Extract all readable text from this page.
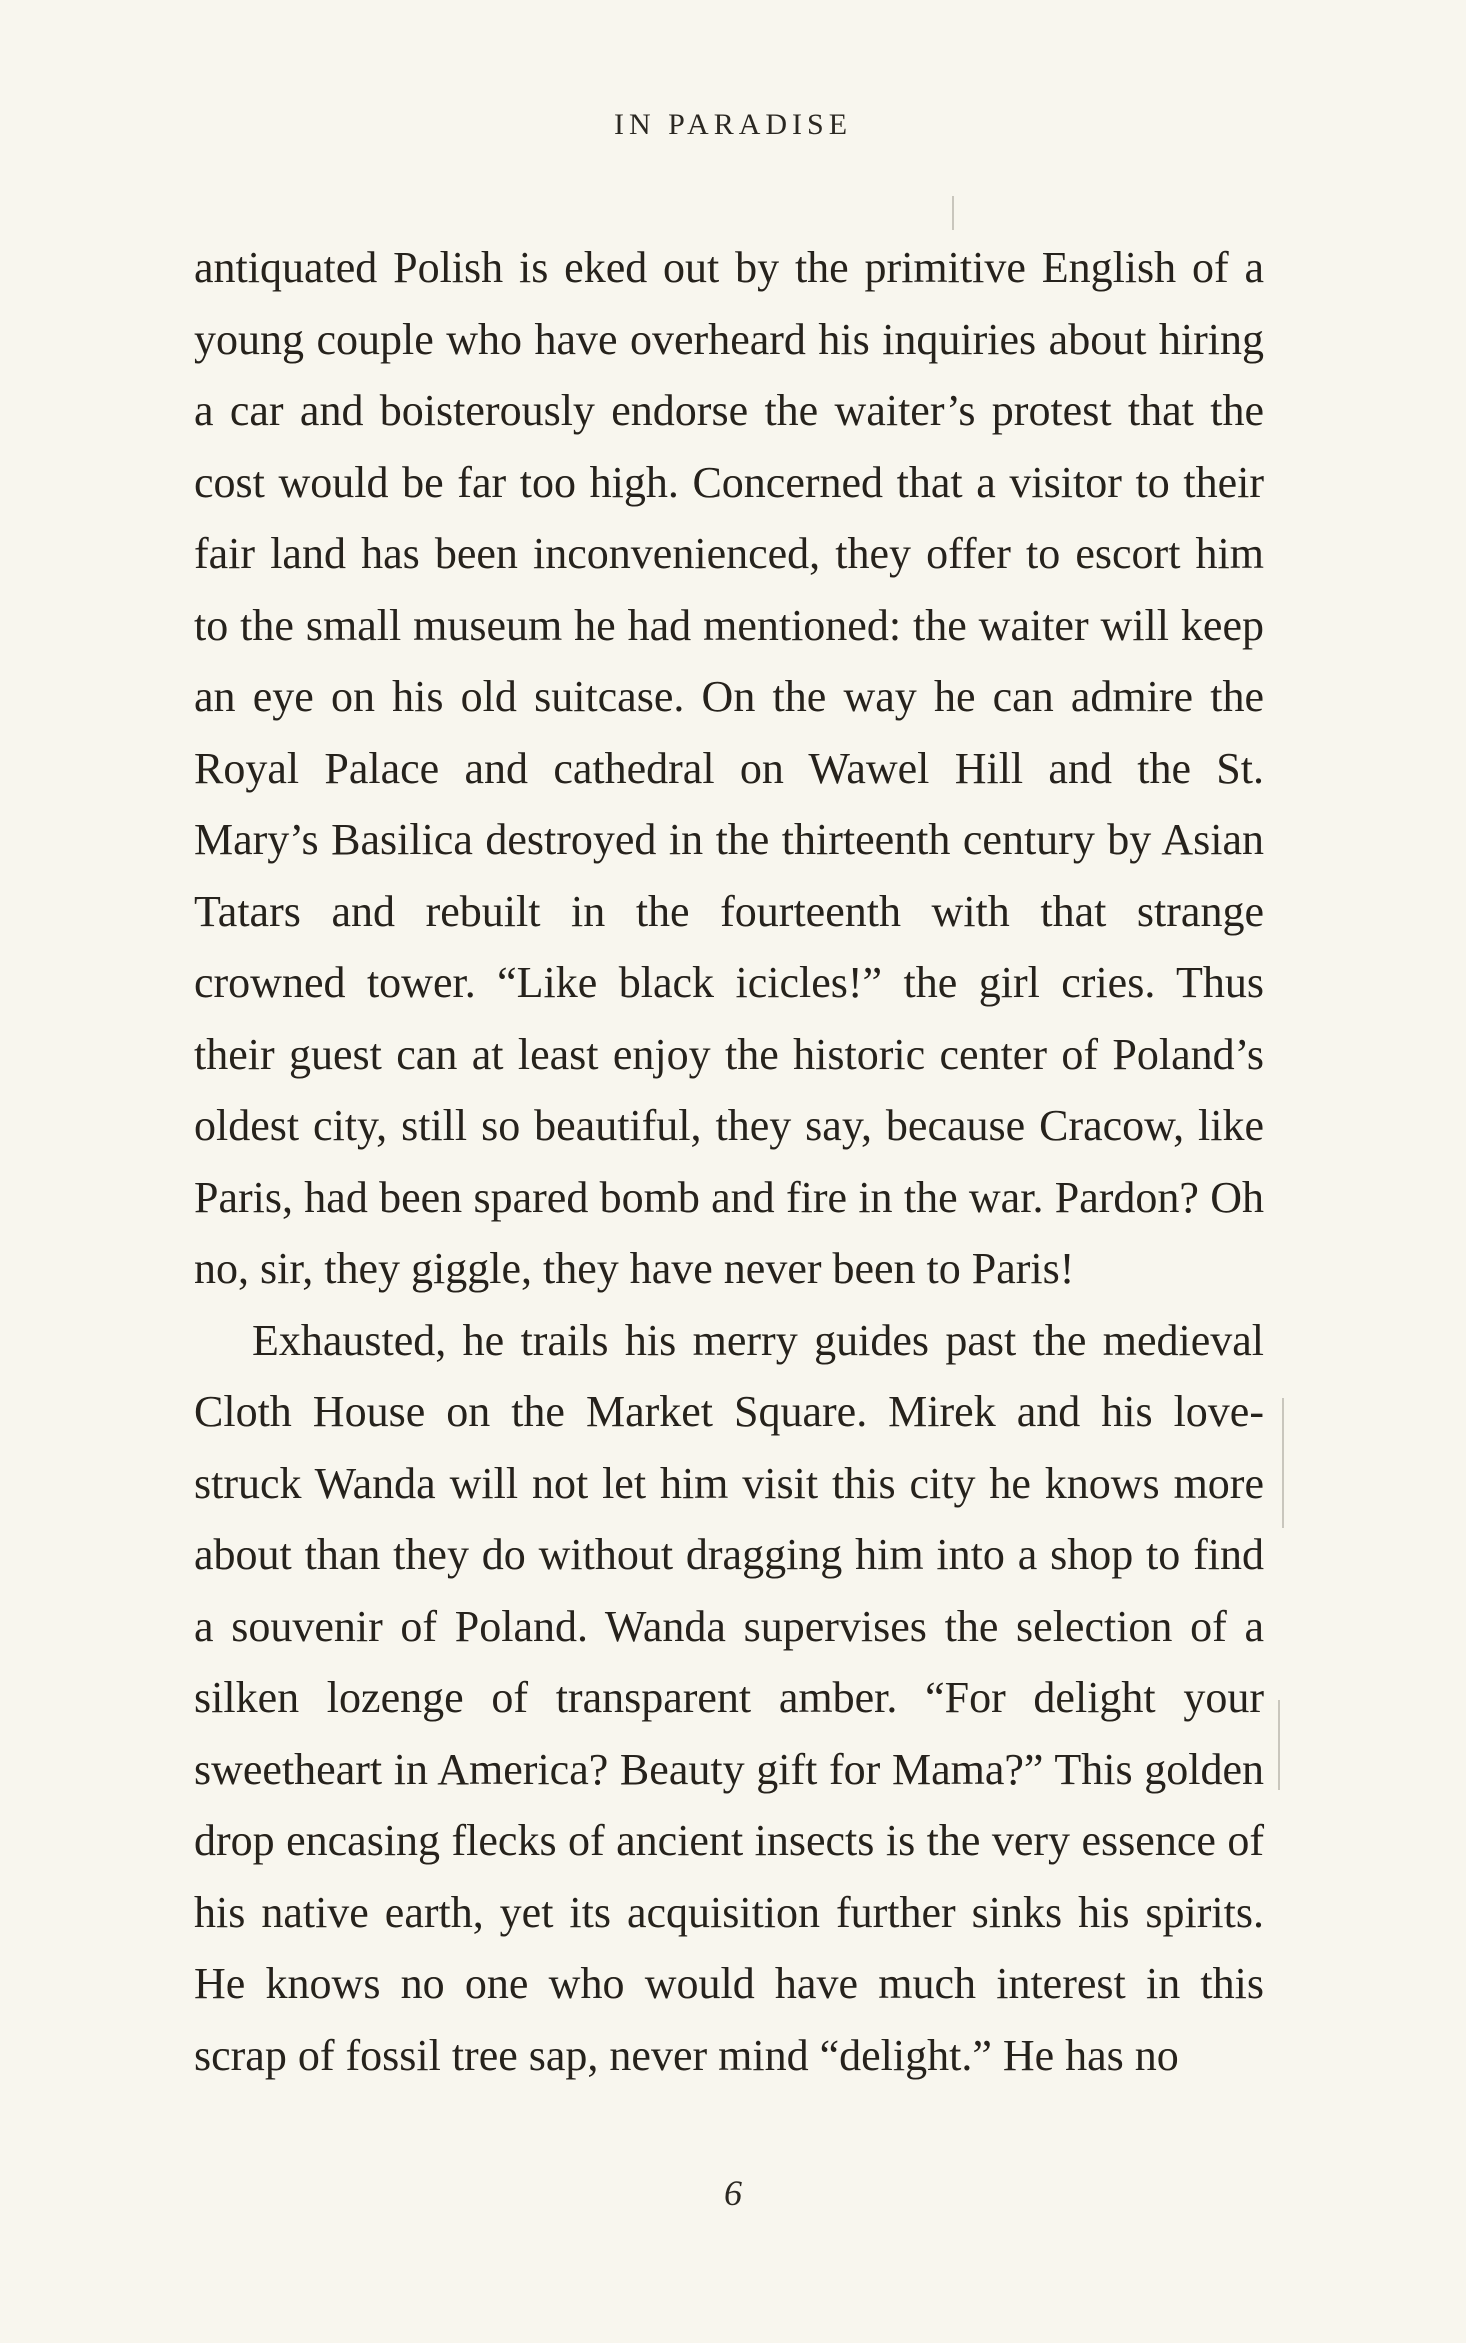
IN PARADISE

antiquated Polish is eked out by the primitive English of a young couple who have overheard his inquiries about hiring a car and boisterously endorse the waiter’s protest that the cost would be far too high. Concerned that a visitor to their fair land has been inconvenienced, they offer to escort him to the small museum he had mentioned: the waiter will keep an eye on his old suitcase. On the way he can admire the Royal Palace and cathedral on Wawel Hill and the St. Mary’s Basilica destroyed in the thirteenth century by Asian Tatars and rebuilt in the fourteenth with that strange crowned tower. “Like black icicles!” the girl cries. Thus their guest can at least enjoy the historic center of Poland’s oldest city, still so beautiful, they say, because Cracow, like Paris, had been spared bomb and fire in the war. Pardon? Oh no, sir, they giggle, they have never been to Paris!

Exhausted, he trails his merry guides past the medieval Cloth House on the Market Square. Mirek and his lovestruck Wanda will not let him visit this city he knows more about than they do without dragging him into a shop to find a souvenir of Poland. Wanda supervises the selection of a silken lozenge of transparent amber. “For delight your sweetheart in America? Beauty gift for Mama?” This golden drop encasing flecks of ancient insects is the very essence of his native earth, yet its acquisition further sinks his spirits. He knows no one who would have much interest in this scrap of fossil tree sap, never mind “delight.” He has no

6
